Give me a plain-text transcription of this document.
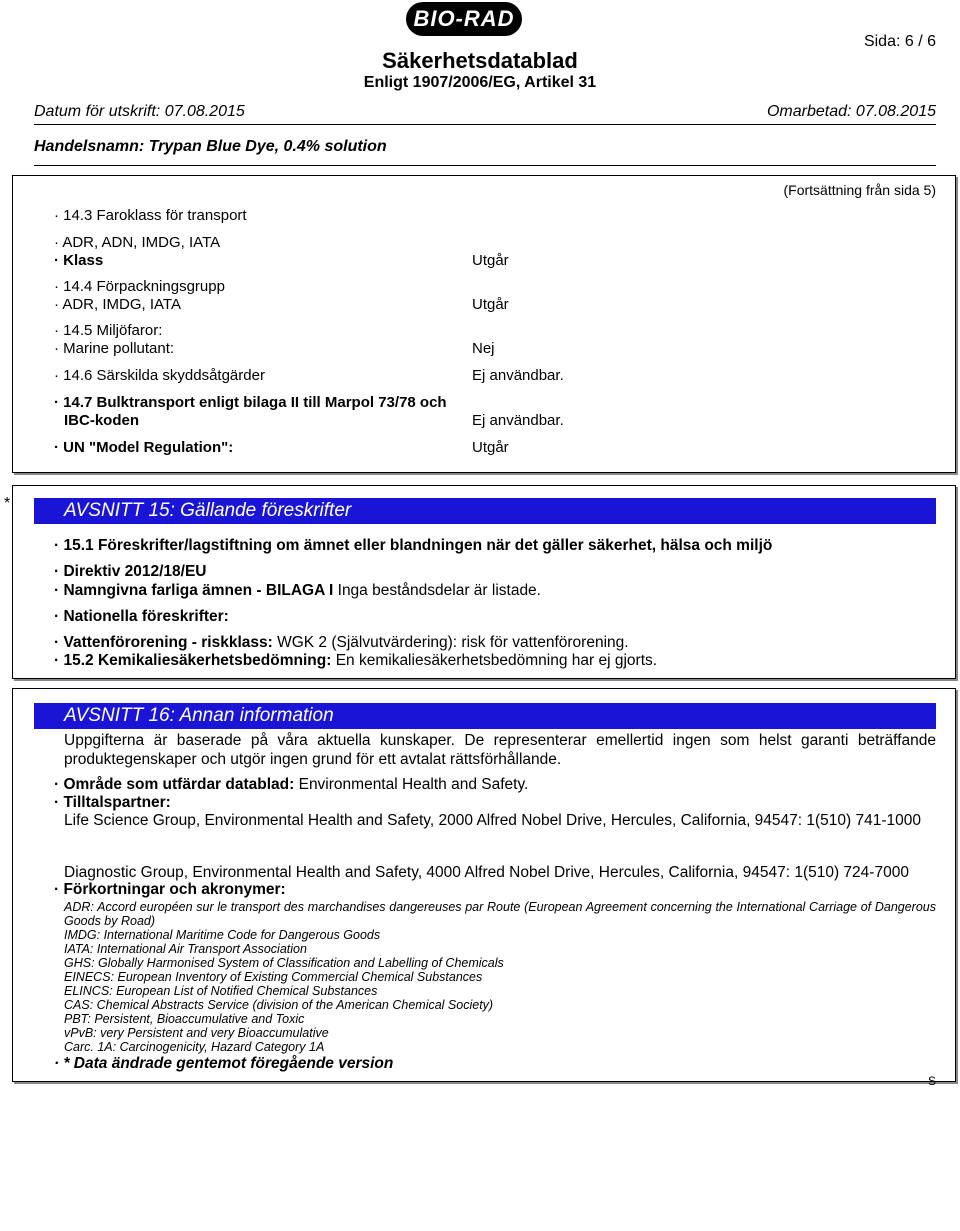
BIO-RAD
Säkerhetsdatablad
Enligt 1907/2006/EG, Artikel 31
Sida: 6 / 6
Datum för utskrift: 07.08.2015	Omarbetad: 07.08.2015
Handelsnamn: Trypan Blue Dye, 0.4% solution
(Fortsättning från sida 5)
· 14.3 Faroklass för transport
· ADR, ADN, IMDG, IATA
· Klass	Utgår
· 14.4 Förpackningsgrupp
· ADR, IMDG, IATA	Utgår
· 14.5 Miljöfaror:
· Marine pollutant:	Nej
· 14.6 Särskilda skyddsåtgärder	Ej användbar.
· 14.7 Bulktransport enligt bilaga II till Marpol 73/78 och
IBC-koden	Ej användbar.
· UN "Model Regulation":	Utgår
*	AVSNITT 15: Gällande föreskrifter
· 15.1 Föreskrifter/lagstiftning om ämnet eller blandningen när det gäller säkerhet, hälsa och miljö
· Direktiv 2012/18/EU
· Namngivna farliga ämnen - BILAGA I Inga beståndsdelar är listade.
· Nationella föreskrifter:
· Vattenförorening - riskklass: WGK 2 (Självutvärdering): risk för vattenförorening.
· 15.2 Kemikaliesäkerhetsbedömning: En kemikaliesäkerhetsbedömning har ej gjorts.
AVSNITT 16: Annan information
Uppgifterna är baserade på våra aktuella kunskaper. De representerar emellertid ingen som helst garanti beträffande produktegenskaper och utgör ingen grund för ett avtalat rättsförhållande.
· Område som utfärdar datablad: Environmental Health and Safety.
· Tilltalspartner:
Life Science Group, Environmental Health and Safety, 2000 Alfred Nobel Drive, Hercules, California, 94547: 1(510) 741-1000
Diagnostic Group, Environmental Health and Safety, 4000 Alfred Nobel Drive, Hercules, California, 94547: 1(510) 724-7000
· Förkortningar och akronymer:
ADR: Accord européen sur le transport des marchandises dangereuses par Route (European Agreement concerning the International Carriage of Dangerous Goods by Road)
IMDG: International Maritime Code for Dangerous Goods
IATA: International Air Transport Association
GHS: Globally Harmonised System of Classification and Labelling of Chemicals
EINECS: European Inventory of Existing Commercial Chemical Substances
ELINCS: European List of Notified Chemical Substances
CAS: Chemical Abstracts Service (division of the American Chemical Society)
PBT: Persistent, Bioaccumulative and Toxic
vPvB: very Persistent and very Bioaccumulative
Carc. 1A: Carcinogenicity, Hazard Category 1A
· * Data ändrade gentemot föregående version
S
